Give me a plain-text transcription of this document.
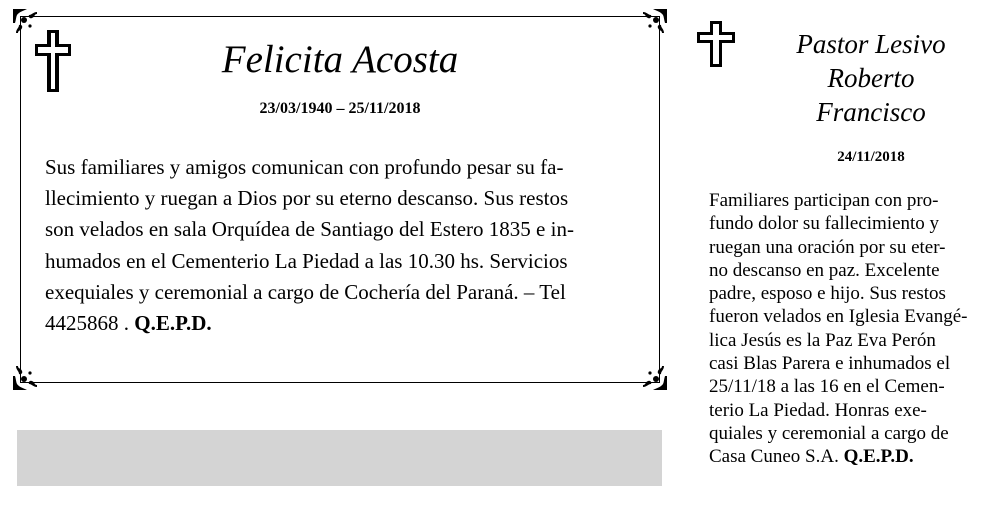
Felicita Acosta
23/03/1940 – 25/11/2018

Sus familiares y amigos comunican con profundo pesar su fa-

llecimiento y ruegan a Dios por su eterno descanso. Sus restos

son velados en sala Orquídea de Santiago del Estero 1835 e in-

humados en el Cementerio La Piedad a las 10.30 hs. Servicios

exequiales y ceremonial a cargo de Cochería del Paraná. – Tel

4425868 . Q.E.P.D.

Pastor Lesivo
Roberto
Francisco
24/11/2018

Familiares participan con pro-

fundo dolor su fallecimiento y

ruegan una oración por su eter-

no descanso en paz. Excelente

padre, esposo e hijo. Sus restos

fueron velados en Iglesia Evangé-

lica Jesús es la Paz Eva Perón

casi Blas Parera e inhumados el

25/11/18 a las 16 en el Cemen-

terio La Piedad. Honras exe-

quiales y ceremonial a cargo de

Casa Cuneo S.A. Q.E.P.D.
